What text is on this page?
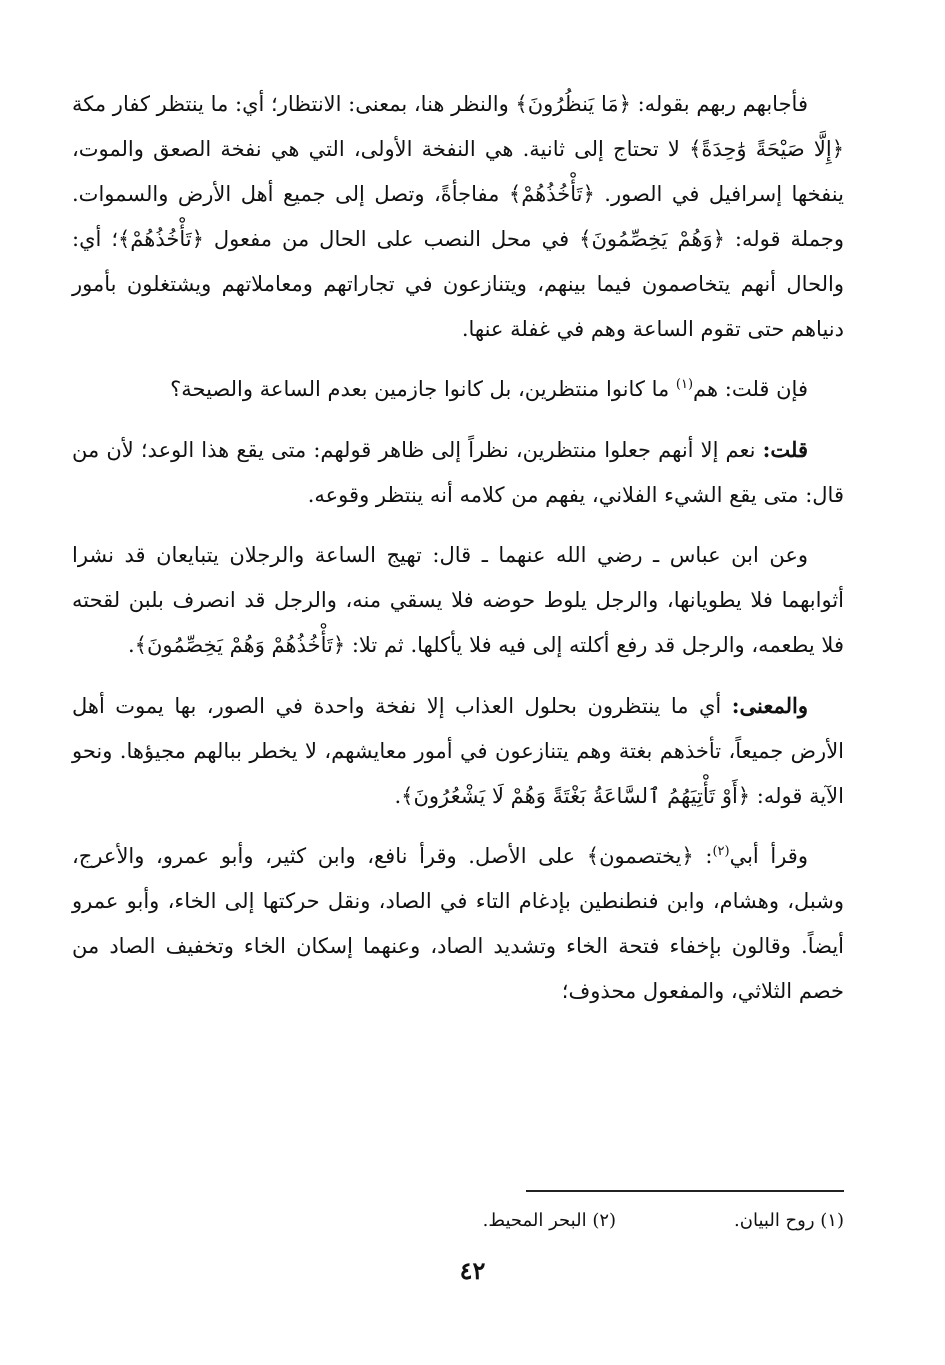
فأجابهم ربهم بقوله: ﴿مَا يَنظُرُونَ﴾ والنظر هنا، بمعنى: الانتظار؛ أي: ما ينتظر كفار مكة ﴿إِلَّا صَيْحَةً وَٰحِدَةً﴾ لا تحتاج إلى ثانية. هي النفخة الأولى، التي هي نفخة الصعق والموت، ينفخها إسرافيل في الصور. ﴿تَأْخُذُهُمْ﴾ مفاجأةً، وتصل إلى جميع أهل الأرض والسموات. وجملة قوله: ﴿وَهُمْ يَخِصِّمُونَ﴾ في محل النصب على الحال من مفعول ﴿تَأْخُذُهُمْ﴾؛ أي: والحال أنهم يتخاصمون فيما بينهم، ويتنازعون في تجاراتهم ومعاملاتهم ويشتغلون بأمور دنياهم حتى تقوم الساعة وهم في غفلة عنها.

فإن قلت: هم$^{(١)}$ ما كانوا منتظرين، بل كانوا جازمين بعدم الساعة والصيحة؟

قلت: نعم إلا أنهم جعلوا منتظرين، نظراً إلى ظاهر قولهم: متى يقع هذا الوعد؛ لأن من قال: متى يقع الشيء الفلاني، يفهم من كلامه أنه ينتظر وقوعه.

وعن ابن عباس ـ رضي الله عنهما ـ قال: تهيج الساعة والرجلان يتبايعان قد نشرا أثوابهما فلا يطويانها، والرجل يلوط حوضه فلا يسقي منه، والرجل قد انصرف بلبن لقحته فلا يطعمه، والرجل قد رفع أكلته إلى فيه فلا يأكلها. ثم تلا: ﴿تَأْخُذُهُمْ وَهُمْ يَخِصِّمُونَ﴾.

والمعنى: أي ما ينتظرون بحلول العذاب إلا نفخة واحدة في الصور، بها يموت أهل الأرض جميعاً، تأخذهم بغتة وهم يتنازعون في أمور معايشهم، لا يخطر ببالهم مجيؤها. ونحو الآية قوله: ﴿أَوْ تَأْتِيَهُمُ ٱلسَّاعَةُ بَغْتَةً وَهُمْ لَا يَشْعُرُونَ﴾.

وقرأ أبي$^{(٢)}$: ﴿يختصمون﴾ على الأصل. وقرأ نافع، وابن كثير، وأبو عمرو، والأعرج، وشبل، وهشام، وابن فنطنطين بإدغام التاء في الصاد، ونقل حركتها إلى الخاء، وأبو عمرو أيضاً. وقالون بإخفاء فتحة الخاء وتشديد الصاد، وعنهما إسكان الخاء وتخفيف الصاد من خصم الثلاثي، والمفعول محذوف؛

(١) روح البيان.
(٢) البحر المحيط.
٤٢
